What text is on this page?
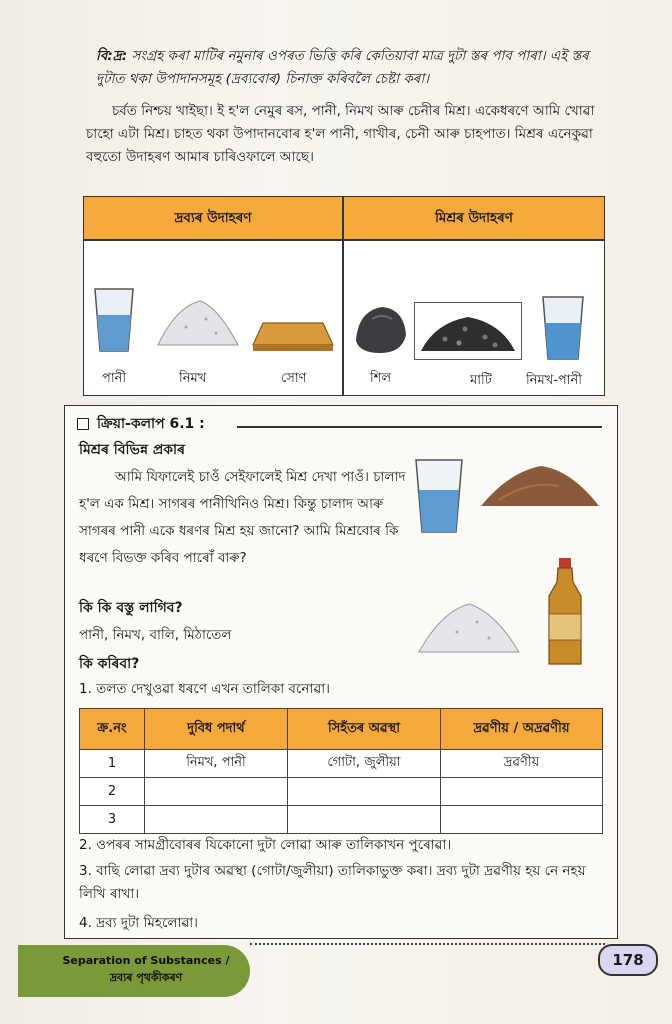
বি:দ্র: সংগ্ৰহ কৰা মাটিৰ নমুনাৰ ওপৰত ভিত্তি কৰি কেতিয়াবা মাত্ৰ দুটা স্তৰ পাব পাৰা। এই স্তৰ দুটাত থকা উপাদানসমূহ (দ্ৰব্যবোৰ) চিনাক্ত কৰিবলৈ চেষ্টা কৰা।
চৰ্বত নিশ্চয় খাইছা। ই হ'ল নেমুৰ ৰস, পানী, নিমখ আৰু চেনীৰ মিশ্ৰ। একেধৰণে আমি খোৱা চাহো এটা মিশ্ৰ। চাহত থকা উপাদানবোৰ হ'ল পানী, গাখীৰ, চেনী আৰু চাহপাত। মিশ্ৰৰ এনেকুৱা বহুতো উদাহৰণ আমাৰ চাৰিওফালে আছে।
দ্ৰব্যৰ উদাহৰণ	মিশ্ৰৰ উদাহৰণ
পানী	নিমখ	সোণ	শিল	মাটি	নিমখ-পানী
ক্ৰিয়া-কলাপ 6.1 :
মিশ্ৰৰ বিভিন্ন প্ৰকাৰ
আমি যিফালেই চাওঁ সেইফালেই মিশ্ৰ দেখা পাওঁ। চালাদ হ'ল এক মিশ্ৰ। সাগৰৰ পানীখিনিও মিশ্ৰ। কিন্তু চালাদ আৰু সাগৰৰ পানী একে ধৰণৰ মিশ্ৰ হয় জানো? আমি মিশ্ৰবোৰ কি ধৰণে বিভক্ত কৰিব পাৰোঁ বাৰু?
কি কি বস্তু লাগিব?
পানী, নিমখ, বালি, মিঠাতেল
কি কৰিবা?
1. তলত দেখুওৱা ধৰণে এখন তালিকা বনোৱা।
ক্ৰ.নং	দুবিধ পদাৰ্থ	সিহঁতৰ অৱস্থা	দ্ৰৱণীয় / অদ্ৰৱণীয়
1	নিমখ, পানী	গোটা, জুলীয়া	দ্ৰৱণীয়
2			
3			
2. ওপৰৰ সামগ্ৰীবোৰৰ যিকোনো দুটা লোৱা আৰু তালিকাখন পুৰোৱা।
3. বাছি লোৱা দ্ৰব্য দুটাৰ অৱস্থা (গোটা/জুলীয়া) তালিকাভুক্ত কৰা। দ্ৰব্য দুটা দ্ৰৱণীয় হয় নে নহয় লিখি ৰাখা।
4. দ্ৰব্য দুটা মিহলোৱা।
Separation of Substances /
দ্ৰব্যৰ পৃথকীকৰণ
178
